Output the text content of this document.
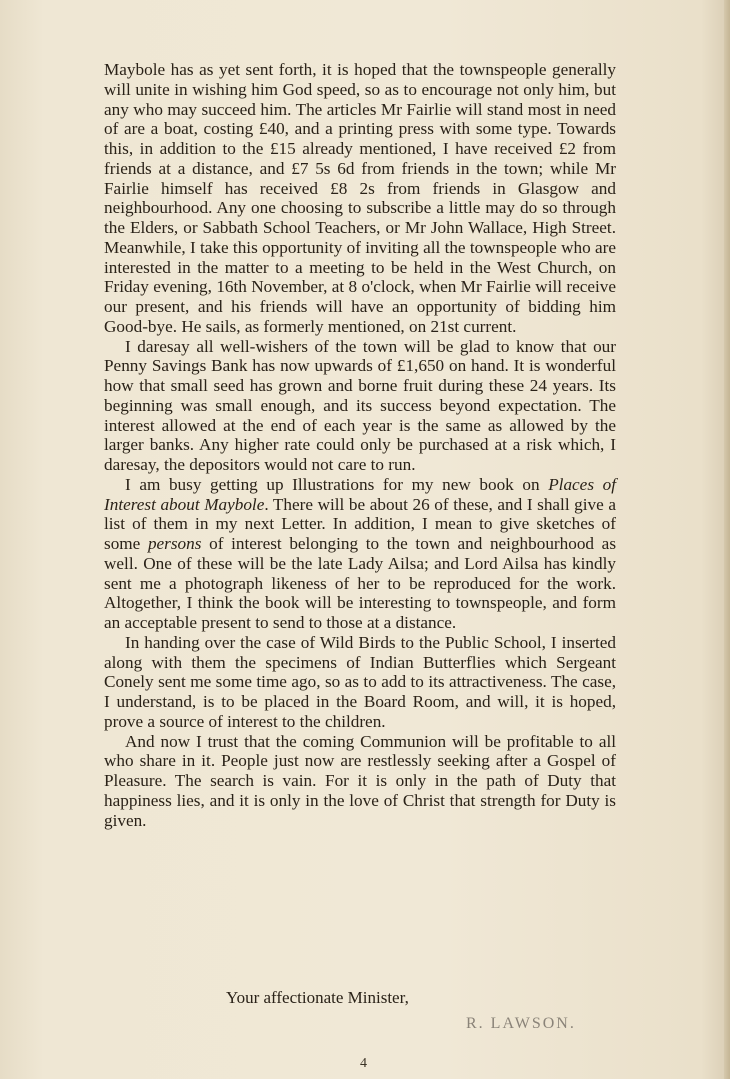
Maybole has as yet sent forth, it is hoped that the townspeople generally will unite in wishing him God speed, so as to encourage not only him, but any who may succeed him. The articles Mr Fairlie will stand most in need of are a boat, costing £40, and a printing press with some type. Towards this, in addition to the £15 already mentioned, I have received £2 from friends at a distance, and £7 5s 6d from friends in the town; while Mr Fairlie himself has received £8 2s from friends in Glasgow and neighbourhood. Any one choosing to subscribe a little may do so through the Elders, or Sabbath School Teachers, or Mr John Wallace, High Street. Meanwhile, I take this opportunity of inviting all the townspeople who are interested in the matter to a meeting to be held in the West Church, on Friday evening, 16th November, at 8 o'clock, when Mr Fairlie will receive our present, and his friends will have an opportunity of bidding him Good-bye. He sails, as formerly mentioned, on 21st current.

I daresay all well-wishers of the town will be glad to know that our Penny Savings Bank has now upwards of £1,650 on hand. It is wonderful how that small seed has grown and borne fruit during these 24 years. Its beginning was small enough, and its success beyond expectation. The interest allowed at the end of each year is the same as allowed by the larger banks. Any higher rate could only be purchased at a risk which, I daresay, the depositors would not care to run.

I am busy getting up Illustrations for my new book on Places of Interest about Maybole. There will be about 26 of these, and I shall give a list of them in my next Letter. In addition, I mean to give sketches of some persons of interest belonging to the town and neighbourhood as well. One of these will be the late Lady Ailsa; and Lord Ailsa has kindly sent me a photograph likeness of her to be reproduced for the work. Altogether, I think the book will be interesting to townspeople, and form an acceptable present to send to those at a distance.

In handing over the case of Wild Birds to the Public School, I inserted along with them the specimens of Indian Butterflies which Sergeant Conely sent me some time ago, so as to add to its attractiveness. The case, I understand, is to be placed in the Board Room, and will, it is hoped, prove a source of interest to the children.

And now I trust that the coming Communion will be profitable to all who share in it. People just now are restlessly seeking after a Gospel of Pleasure. The search is vain. For it is only in the path of Duty that happiness lies, and it is only in the love of Christ that strength for Duty is given.

Your affectionate Minister,
R. LAWSON.
4
